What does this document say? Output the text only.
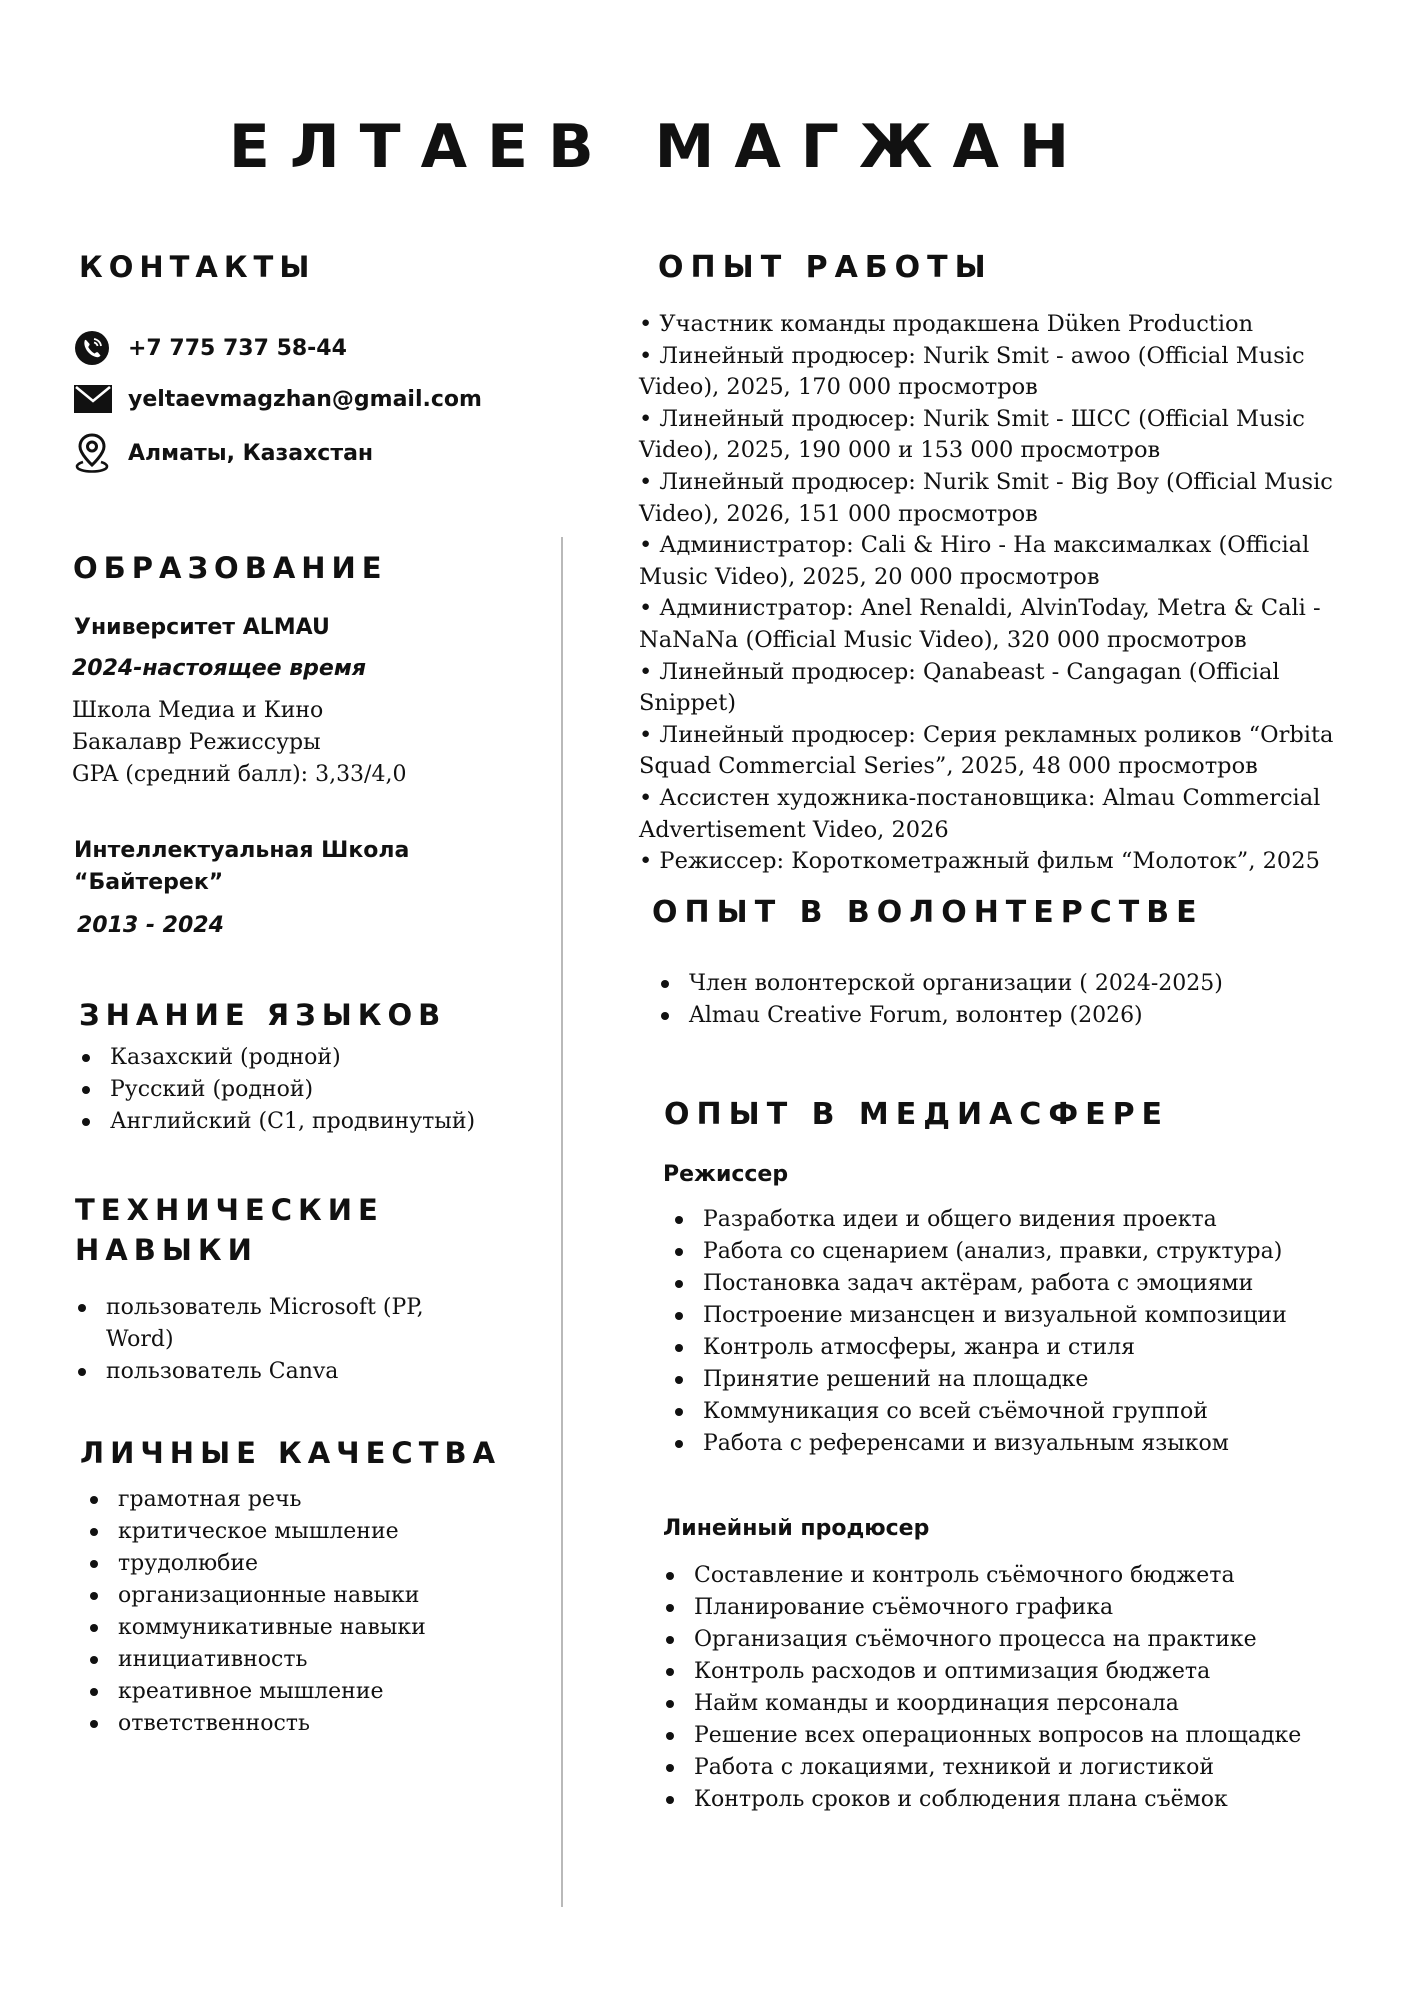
ЕЛТАЕВ МАГЖАН
КОНТАКТЫ
+7 775 737 58-44
yeltaevmagzhan@gmail.com
Алматы, Казахстан
ОБРАЗОВАНИЕ
Университет ALMAU
2024-настоящее время
Школа Медиа и Кино
Бакалавр Режиссуры
GPA (средний балл): 3,33/4,0
Интеллектуальная Школа
“Байтерек”
2013 - 2024
ЗНАНИЕ ЯЗЫКОВ
Казахский (родной)
Русский (родной)
Английский (C1, продвинутый)
ТЕХНИЧЕСКИЕ
НАВЫКИ
пользователь Microsoft (PP, Word)
пользователь Canva
ЛИЧНЫЕ КАЧЕСТВА
грамотная речь
критическое мышление
трудолюбие
организационные навыки
коммуникативные навыки
инициативность
креативное мышление
ответственность
ОПЫТ РАБОТЫ

• Участник команды продакшена Düken Production

• Линейный продюсер: Nurik Smit - awoo (Official Music Video), 2025, 170 000 просмотров

• Линейный продюсер: Nurik Smit - ШСС (Official Music Video), 2025, 190 000 и 153 000 просмотров

• Линейный продюсер: Nurik Smit - Big Boy (Official Music Video), 2026, 151 000 просмотров

• Администратор: Cali & Hiro - На максималках (Official Music Video), 2025, 20 000 просмотров

• Администратор: Anel Renaldi, AlvinToday, Metra & Cali - NaNaNa (Official Music Video), 320 000 просмотров

• Линейный продюсер: Qanabeast - Cangagan (Official Snippet)

• Линейный продюсер: Серия рекламных роликов “Orbita Squad Commercial Series”, 2025, 48 000 просмотров

• Ассистен художника-постановщика: Almau Commercial Advertisement Video, 2026

• Режиссер: Короткометражный фильм “Молоток”, 2025

ОПЫТ В ВОЛОНТЕРСТВЕ
Член волонтерской организации ( 2024-2025)
Almau Creative Forum, волонтер (2026)
ОПЫТ В МЕДИАСФЕРЕ
Режиссер
Разработка идеи и общего видения проекта
Работа со сценарием (анализ, правки, структура)
Постановка задач актёрам, работа с эмоциями
Построение мизансцен и визуальной композиции
Контроль атмосферы, жанра и стиля
Принятие решений на площадке
Коммуникация со всей съёмочной группой
Работа с референсами и визуальным языком
Линейный продюсер
Составление и контроль съёмочного бюджета
Планирование съёмочного графика
Организация съёмочного процесса на практике
Контроль расходов и оптимизация бюджета
Найм команды и координация персонала
Решение всех операционных вопросов на площадке
Работа с локациями, техникой и логистикой
Контроль сроков и соблюдения плана съёмок
